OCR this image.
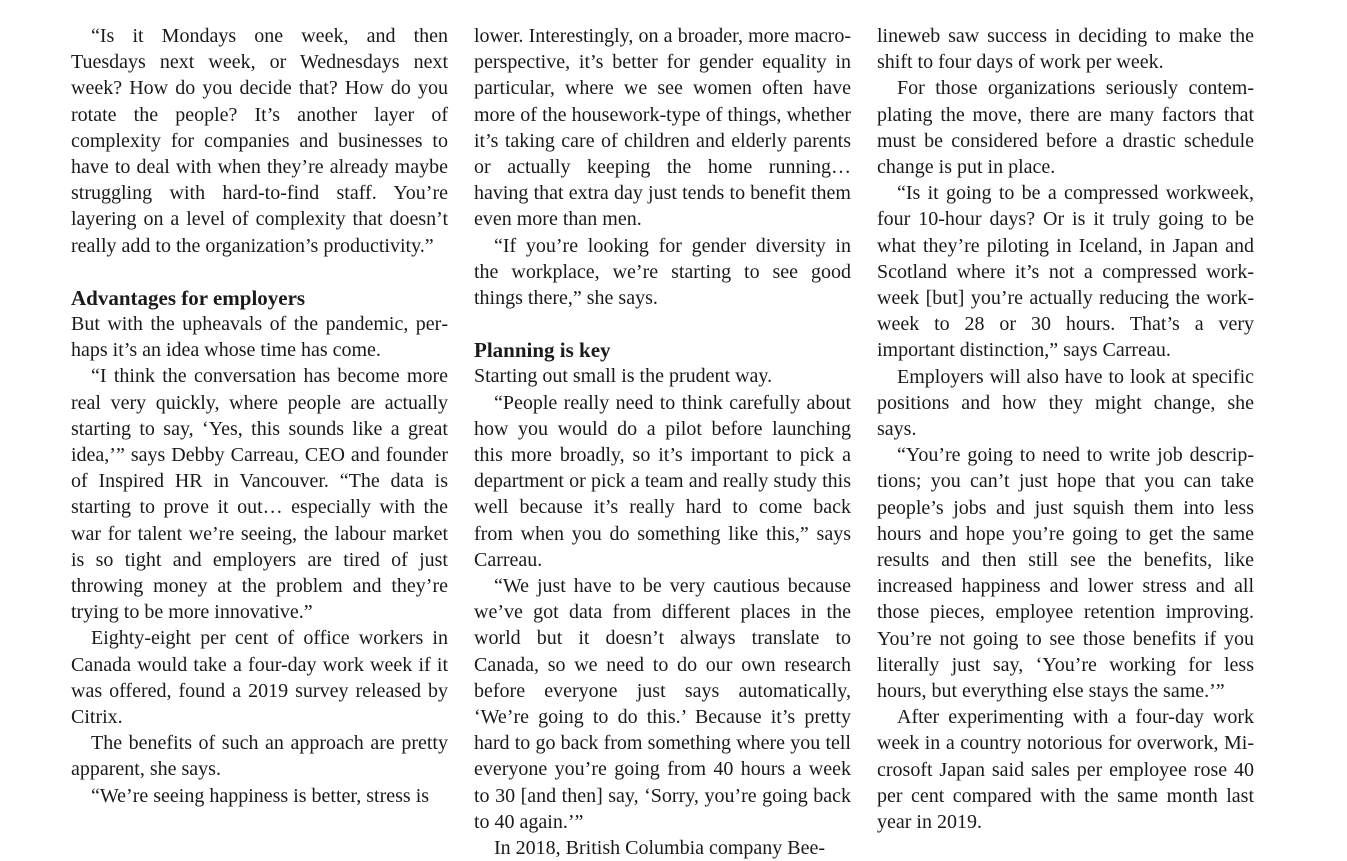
“Is it Mondays one week, and then Tuesdays next week, or Wednesdays next week? How do you decide that? How do you rotate the people? It’s another layer of complexity for companies and businesses to have to deal with when they’re already maybe struggling with hard-to-find staff. You’re layering on a level of complexity that doesn’t really add to the organization’s productivity.”

Advantages for employers

But with the upheavals of the pandemic, perhaps it’s an idea whose time has come.

“I think the conversation has become more real very quickly, where people are actually starting to say, ‘Yes, this sounds like a great idea,’” says Debby Carreau, CEO and founder of Inspired HR in Vancouver. “The data is starting to prove it out… especially with the war for talent we’re seeing, the labour market is so tight and employers are tired of just throwing money at the problem and they’re trying to be more innovative.”

Eighty-eight per cent of office workers in Canada would take a four-day work week if it was offered, found a 2019 survey released by Citrix.

The benefits of such an approach are pretty apparent, she says.

“We’re seeing happiness is better, stress is

lower. Interestingly, on a broader, more macro-perspective, it’s better for gender equality in particular, where we see women often have more of the housework-type of things, whether it’s taking care of children and elderly parents or actually keeping the home running… having that extra day just tends to benefit them even more than men.

“If you’re looking for gender diversity in the workplace, we’re starting to see good things there,” she says.

Planning is key

Starting out small is the prudent way.

“People really need to think carefully about how you would do a pilot before launching this more broadly, so it’s important to pick a department or pick a team and really study this well because it’s really hard to come back from when you do something like this,” says Carreau.

“We just have to be very cautious because we’ve got data from different places in the world but it doesn’t always translate to Canada, so we need to do our own research before everyone just says automatically, ‘We’re going to do this.’ Because it’s pretty hard to go back from something where you tell everyone you’re going from 40 hours a week to 30 [and then] say, ‘Sorry, you’re going back to 40 again.’”

In 2018, British Columbia company Bee-

lineweb saw success in deciding to make the shift to four days of work per week.

For those organizations seriously contemplating the move, there are many factors that must be considered before a drastic schedule change is put in place.

“Is it going to be a compressed workweek, four 10-hour days? Or is it truly going to be what they’re piloting in Iceland, in Japan and Scotland where it’s not a compressed workweek [but] you’re actually reducing the workweek to 28 or 30 hours. That’s a very important distinction,” says Carreau.

Employers will also have to look at specific positions and how they might change, she says.

“You’re going to need to write job descriptions; you can’t just hope that you can take people’s jobs and just squish them into less hours and hope you’re going to get the same results and then still see the benefits, like increased happiness and lower stress and all those pieces, employee retention improving. You’re not going to see those benefits if you literally just say, ‘You’re working for less hours, but everything else stays the same.’”

After experimenting with a four-day work week in a country notorious for overwork, Microsoft Japan said sales per employee rose 40 per cent compared with the same month last year in 2019.
